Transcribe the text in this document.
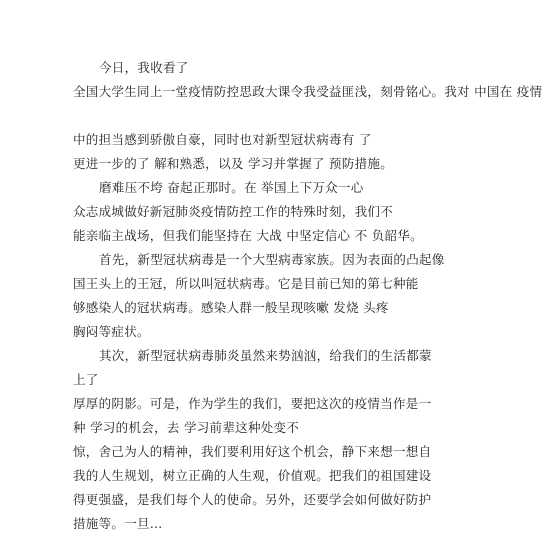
今日，我收看了
全国大学生同上一堂疫情防控思政大课令我受益匪浅，刻骨铭心。我对 中国在 疫情
中的担当感到骄傲自豪，同时也对新型冠状病毒有 了
更进一步的了 解和熟悉，以及 学习并掌握了 预防措施。
磨难压不垮 奋起正那时。在 举国上下万众一心
众志成城做好新冠肺炎疫情防控工作的特殊时刻，我们不
能亲临主战场，但我们能坚持在 大战 中坚定信心 不 负韶华。
首先，新型冠状病毒是一个大型病毒家族。因为表面的凸起像
国王头上的王冠，所以叫冠状病毒。它是目前已知的第七种能
够感染人的冠状病毒。感染人群一般呈现咳嗽 发烧 头疼
胸闷等症状。
其次，新型冠状病毒肺炎虽然来势汹汹，给我们的生活都蒙
上了
厚厚的阴影。可是，作为学生的我们，要把这次的疫情当作是一
种 学习的机会，去 学习前辈这种处变不
惊，舍己为人的精神，我们要利用好这个机会，静下来想一想自
我的人生规划，树立正确的人生观，价值观。把我们的祖国建设
得更强盛，是我们每个人的使命。另外，还要学会如何做好防护
措施等。一旦…
